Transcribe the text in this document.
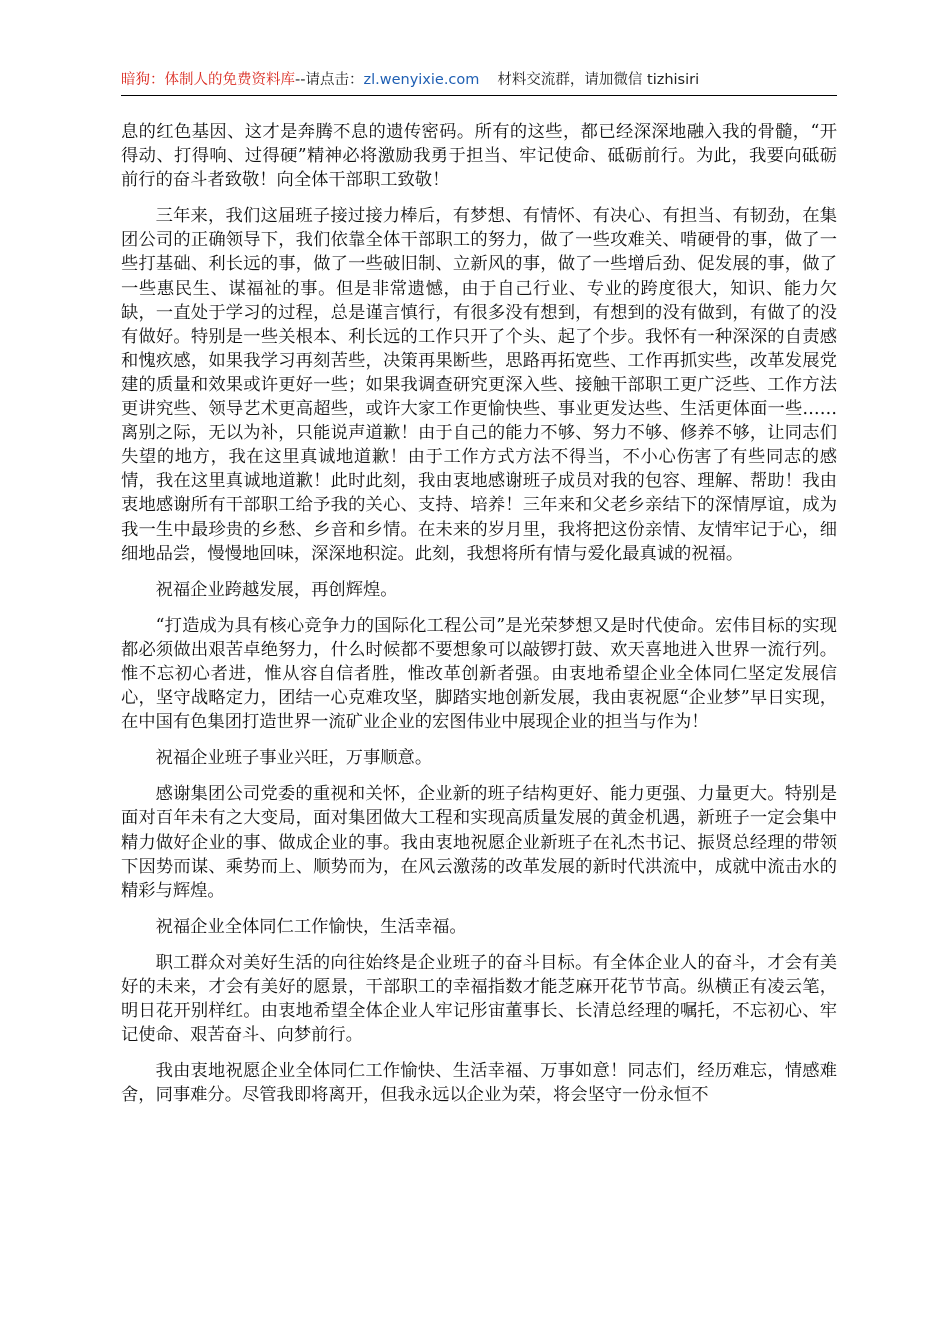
暗狗：体制人的免费资料库--请点击：zl.wenyixie.com 材料交流群，请加微信 tizhisiri

息的红色基因、这才是奔腾不息的遗传密码。所有的这些，都已经深深地融入我的骨髓，“开得动、打得响、过得硬”精神必将激励我勇于担当、牢记使命、砥砺前行。为此，我要向砥砺前行的奋斗者致敬！向全体干部职工致敬！

三年来，我们这届班子接过接力棒后，有梦想、有情怀、有决心、有担当、有韧劲，在集团公司的正确领导下，我们依靠全体干部职工的努力，做了一些攻难关、啃硬骨的事，做了一些打基础、利长远的事，做了一些破旧制、立新风的事，做了一些增后劲、促发展的事，做了一些惠民生、谋福祉的事。但是非常遗憾，由于自己行业、专业的跨度很大，知识、能力欠缺，一直处于学习的过程，总是谨言慎行，有很多没有想到，有想到的没有做到，有做了的没有做好。特别是一些关根本、利长远的工作只开了个头、起了个步。我怀有一种深深的自责感和愧疚感，如果我学习再刻苦些，决策再果断些，思路再拓宽些、工作再抓实些，改革发展党建的质量和效果或许更好一些；如果我调查研究更深入些、接触干部职工更广泛些、工作方法更讲究些、领导艺术更高超些，或许大家工作更愉快些、事业更发达些、生活更体面一些……离别之际，无以为补，只能说声道歉！由于自己的能力不够、努力不够、修养不够，让同志们失望的地方，我在这里真诚地道歉！由于工作方式方法不得当，不小心伤害了有些同志的感情，我在这里真诚地道歉！此时此刻，我由衷地感谢班子成员对我的包容、理解、帮助！我由衷地感谢所有干部职工给予我的关心、支持、培养！三年来和父老乡亲结下的深情厚谊，成为我一生中最珍贵的乡愁、乡音和乡情。在未来的岁月里，我将把这份亲情、友情牢记于心，细细地品尝，慢慢地回味，深深地积淀。此刻，我想将所有情与爱化最真诚的祝福。

祝福企业跨越发展，再创辉煌。

“打造成为具有核心竞争力的国际化工程公司”是光荣梦想又是时代使命。宏伟目标的实现都必须做出艰苦卓绝努力，什么时候都不要想象可以敲锣打鼓、欢天喜地进入世界一流行列。惟不忘初心者进，惟从容自信者胜，惟改革创新者强。由衷地希望企业全体同仁坚定发展信心，坚守战略定力，团结一心克难攻坚，脚踏实地创新发展，我由衷祝愿“企业梦”早日实现，在中国有色集团打造世界一流矿业企业的宏图伟业中展现企业的担当与作为！

祝福企业班子事业兴旺，万事顺意。

感谢集团公司党委的重视和关怀，企业新的班子结构更好、能力更强、力量更大。特别是面对百年未有之大变局，面对集团做大工程和实现高质量发展的黄金机遇，新班子一定会集中精力做好企业的事、做成企业的事。我由衷地祝愿企业新班子在礼杰书记、振贤总经理的带领下因势而谋、乘势而上、顺势而为，在风云激荡的改革发展的新时代洪流中，成就中流击水的精彩与辉煌。

祝福企业全体同仁工作愉快，生活幸福。

职工群众对美好生活的向往始终是企业班子的奋斗目标。有全体企业人的奋斗，才会有美好的未来，才会有美好的愿景，干部职工的幸福指数才能芝麻开花节节高。纵横正有凌云笔，明日花开别样红。由衷地希望全体企业人牢记彤宙董事长、长清总经理的嘱托，不忘初心、牢记使命、艰苦奋斗、向梦前行。

我由衷地祝愿企业全体同仁工作愉快、生活幸福、万事如意！同志们，经历难忘，情感难舍，同事难分。尽管我即将离开，但我永远以企业为荣，将会坚守一份永恒不
